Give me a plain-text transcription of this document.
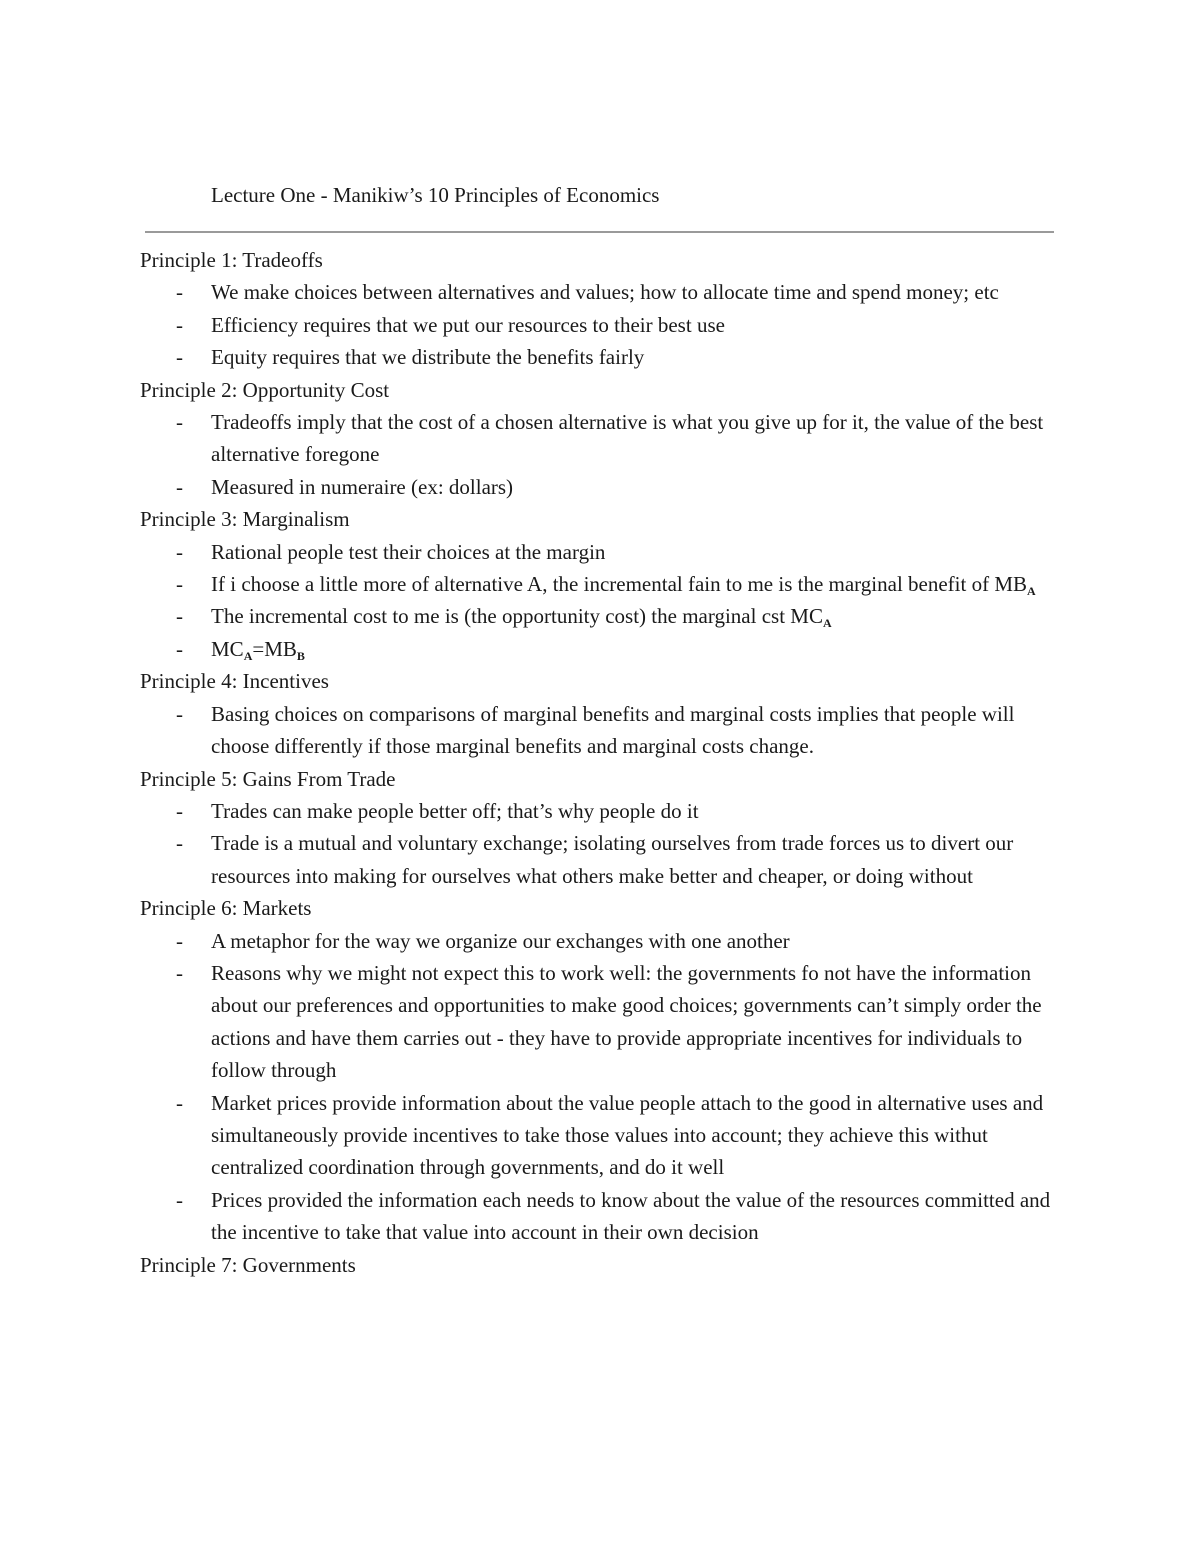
Lecture One - Manikiw’s 10 Principles of Economics
Principle 1: Tradeoffs
- We make choices between alternatives and values; how to allocate time and spend money; etc
- Efficiency requires that we put our resources to their best use
- Equity requires that we distribute the benefits fairly
Principle 2: Opportunity Cost
- Tradeoffs imply that the cost of a chosen alternative is what you give up for it, the value of the best alternative foregone
- Measured in numeraire (ex: dollars)
Principle 3: Marginalism
- Rational people test their choices at the margin
- If i choose a little more of alternative A, the incremental fain to me is the marginal benefit of $MB_A$
- The incremental cost to me is (the opportunity cost) the marginal cst $MC_A$
- $MC_A=MB_B$
Principle 4: Incentives
- Basing choices on comparisons of marginal benefits and marginal costs implies that people will choose differently if those marginal benefits and marginal costs change.
Principle 5: Gains From Trade
- Trades can make people better off; that’s why people do it
- Trade is a mutual and voluntary exchange; isolating ourselves from trade forces us to divert our resources into making for ourselves what others make better and cheaper, or doing without
Principle 6: Markets
- A metaphor for the way we organize our exchanges with one another
- Reasons why we might not expect this to work well: the governments fo not have the information about our preferences and opportunities to make good choices; governments can’t simply order the actions and have them carries out - they have to provide appropriate incentives for individuals to follow through
- Market prices provide information about the value people attach to the good in alternative uses and simultaneously provide incentives to take those values into account; they achieve this withut centralized coordination through governments, and do it well
- Prices provided the information each needs to know about the value of the resources committed and the incentive to take that value into account in their own decision
Principle 7: Governments
